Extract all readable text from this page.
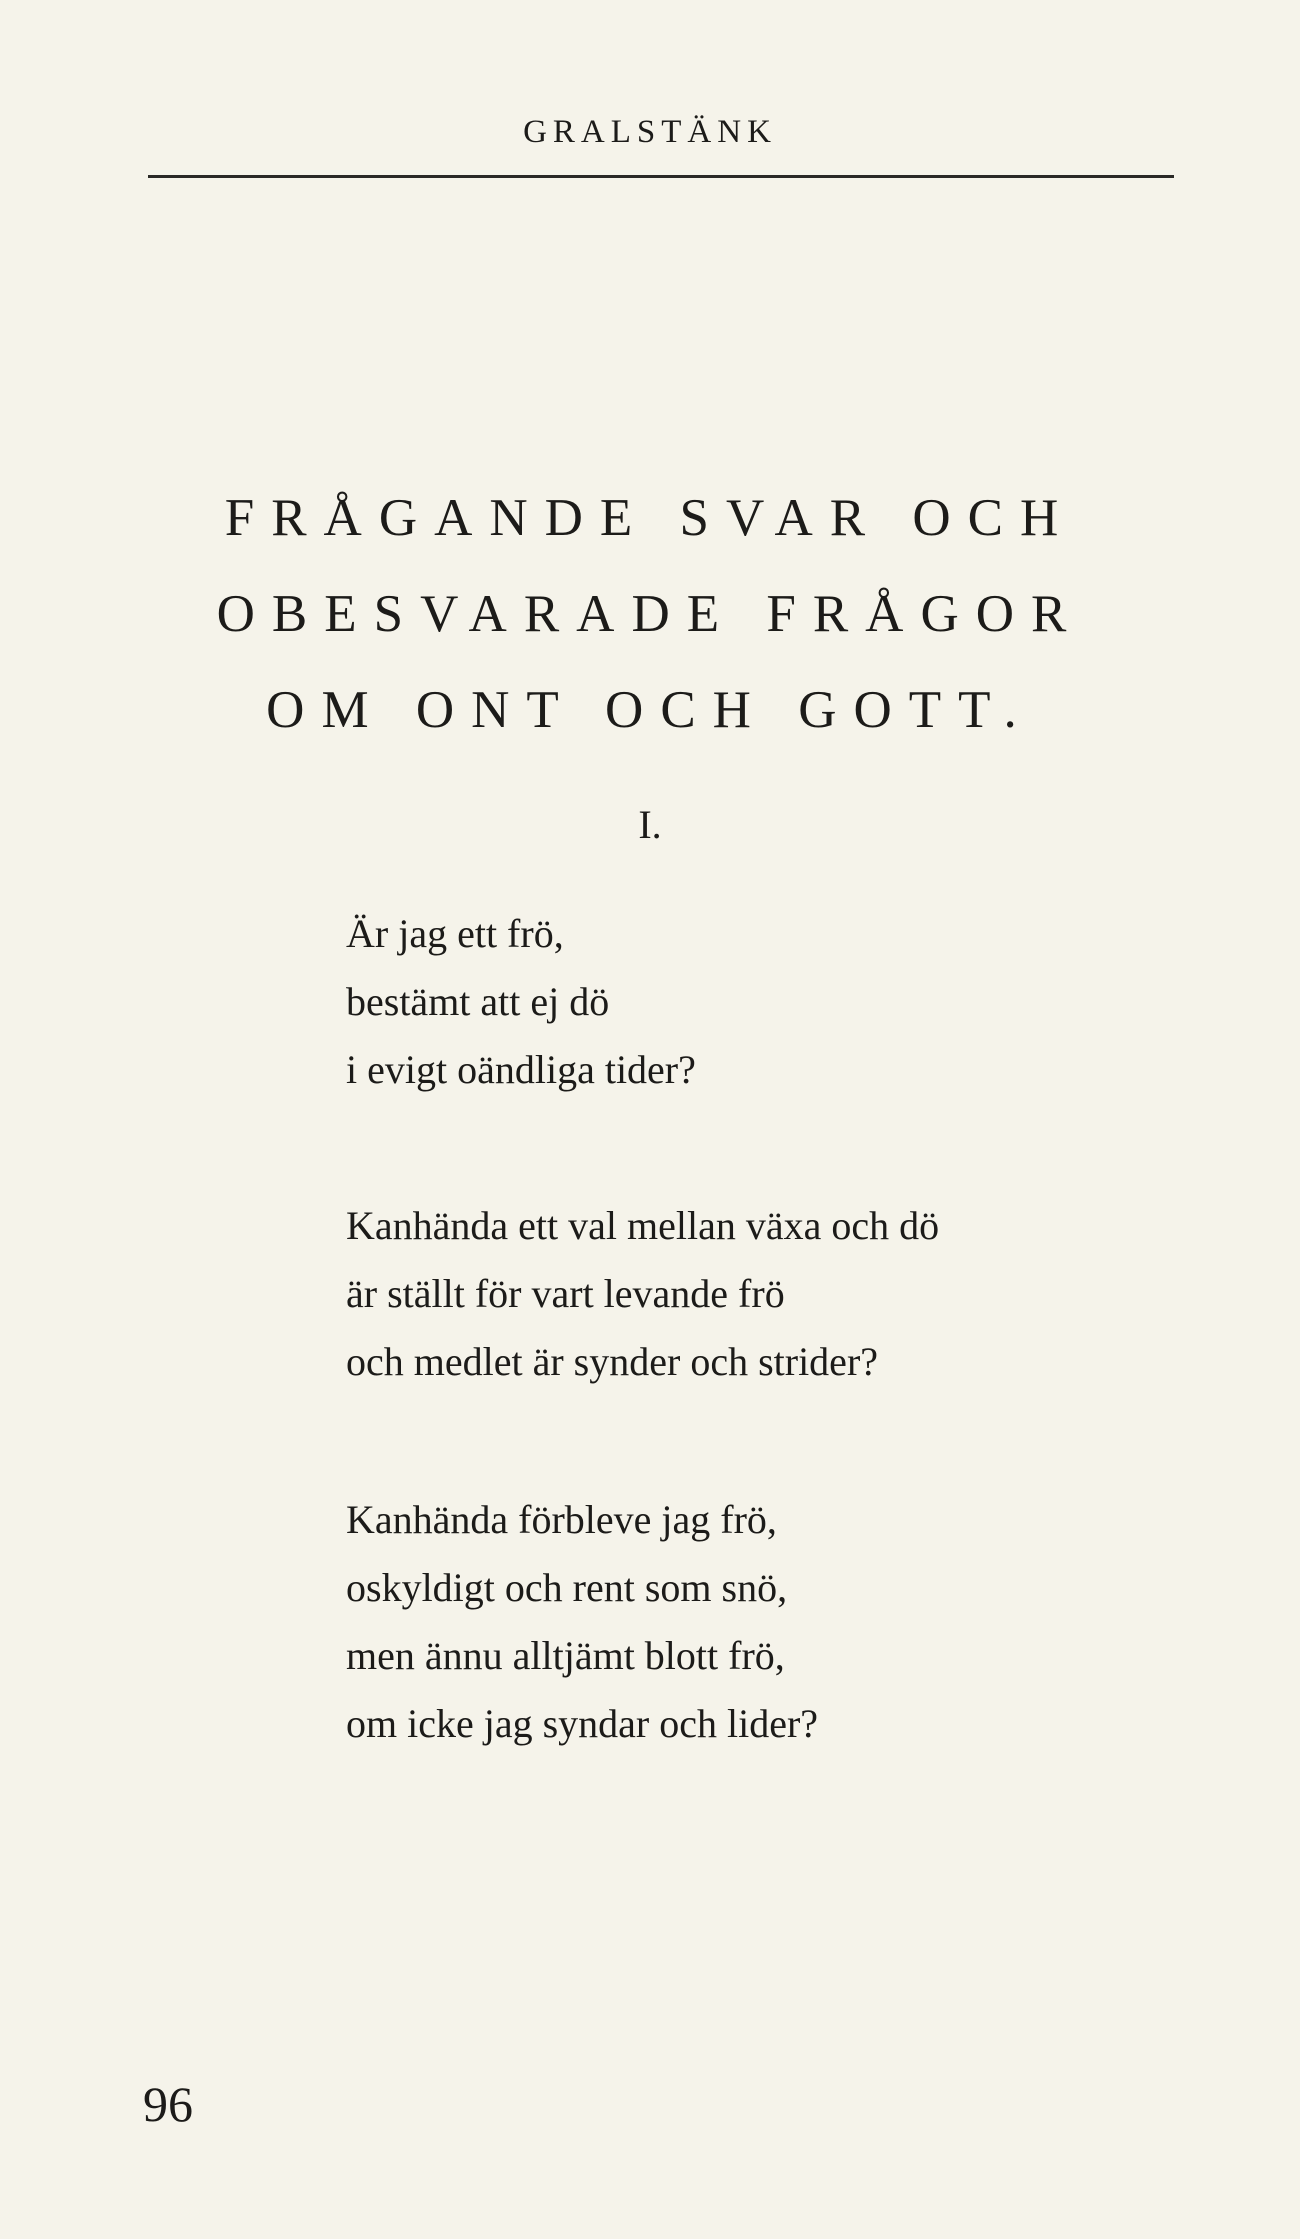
GRALSTÄNK
FRÅGANDE SVAR OCH
OBESVARADE FRÅGOR
OM ONT OCH GOTT.
I.
Är jag ett frö,
bestämt att ej dö
i evigt oändliga tider?
Kanhända ett val mellan växa och dö
är ställt för vart levande frö
och medlet är synder och strider?
Kanhända förbleve jag frö,
oskyldigt och rent som snö,
men ännu alltjämt blott frö,
om icke jag syndar och lider?
96
